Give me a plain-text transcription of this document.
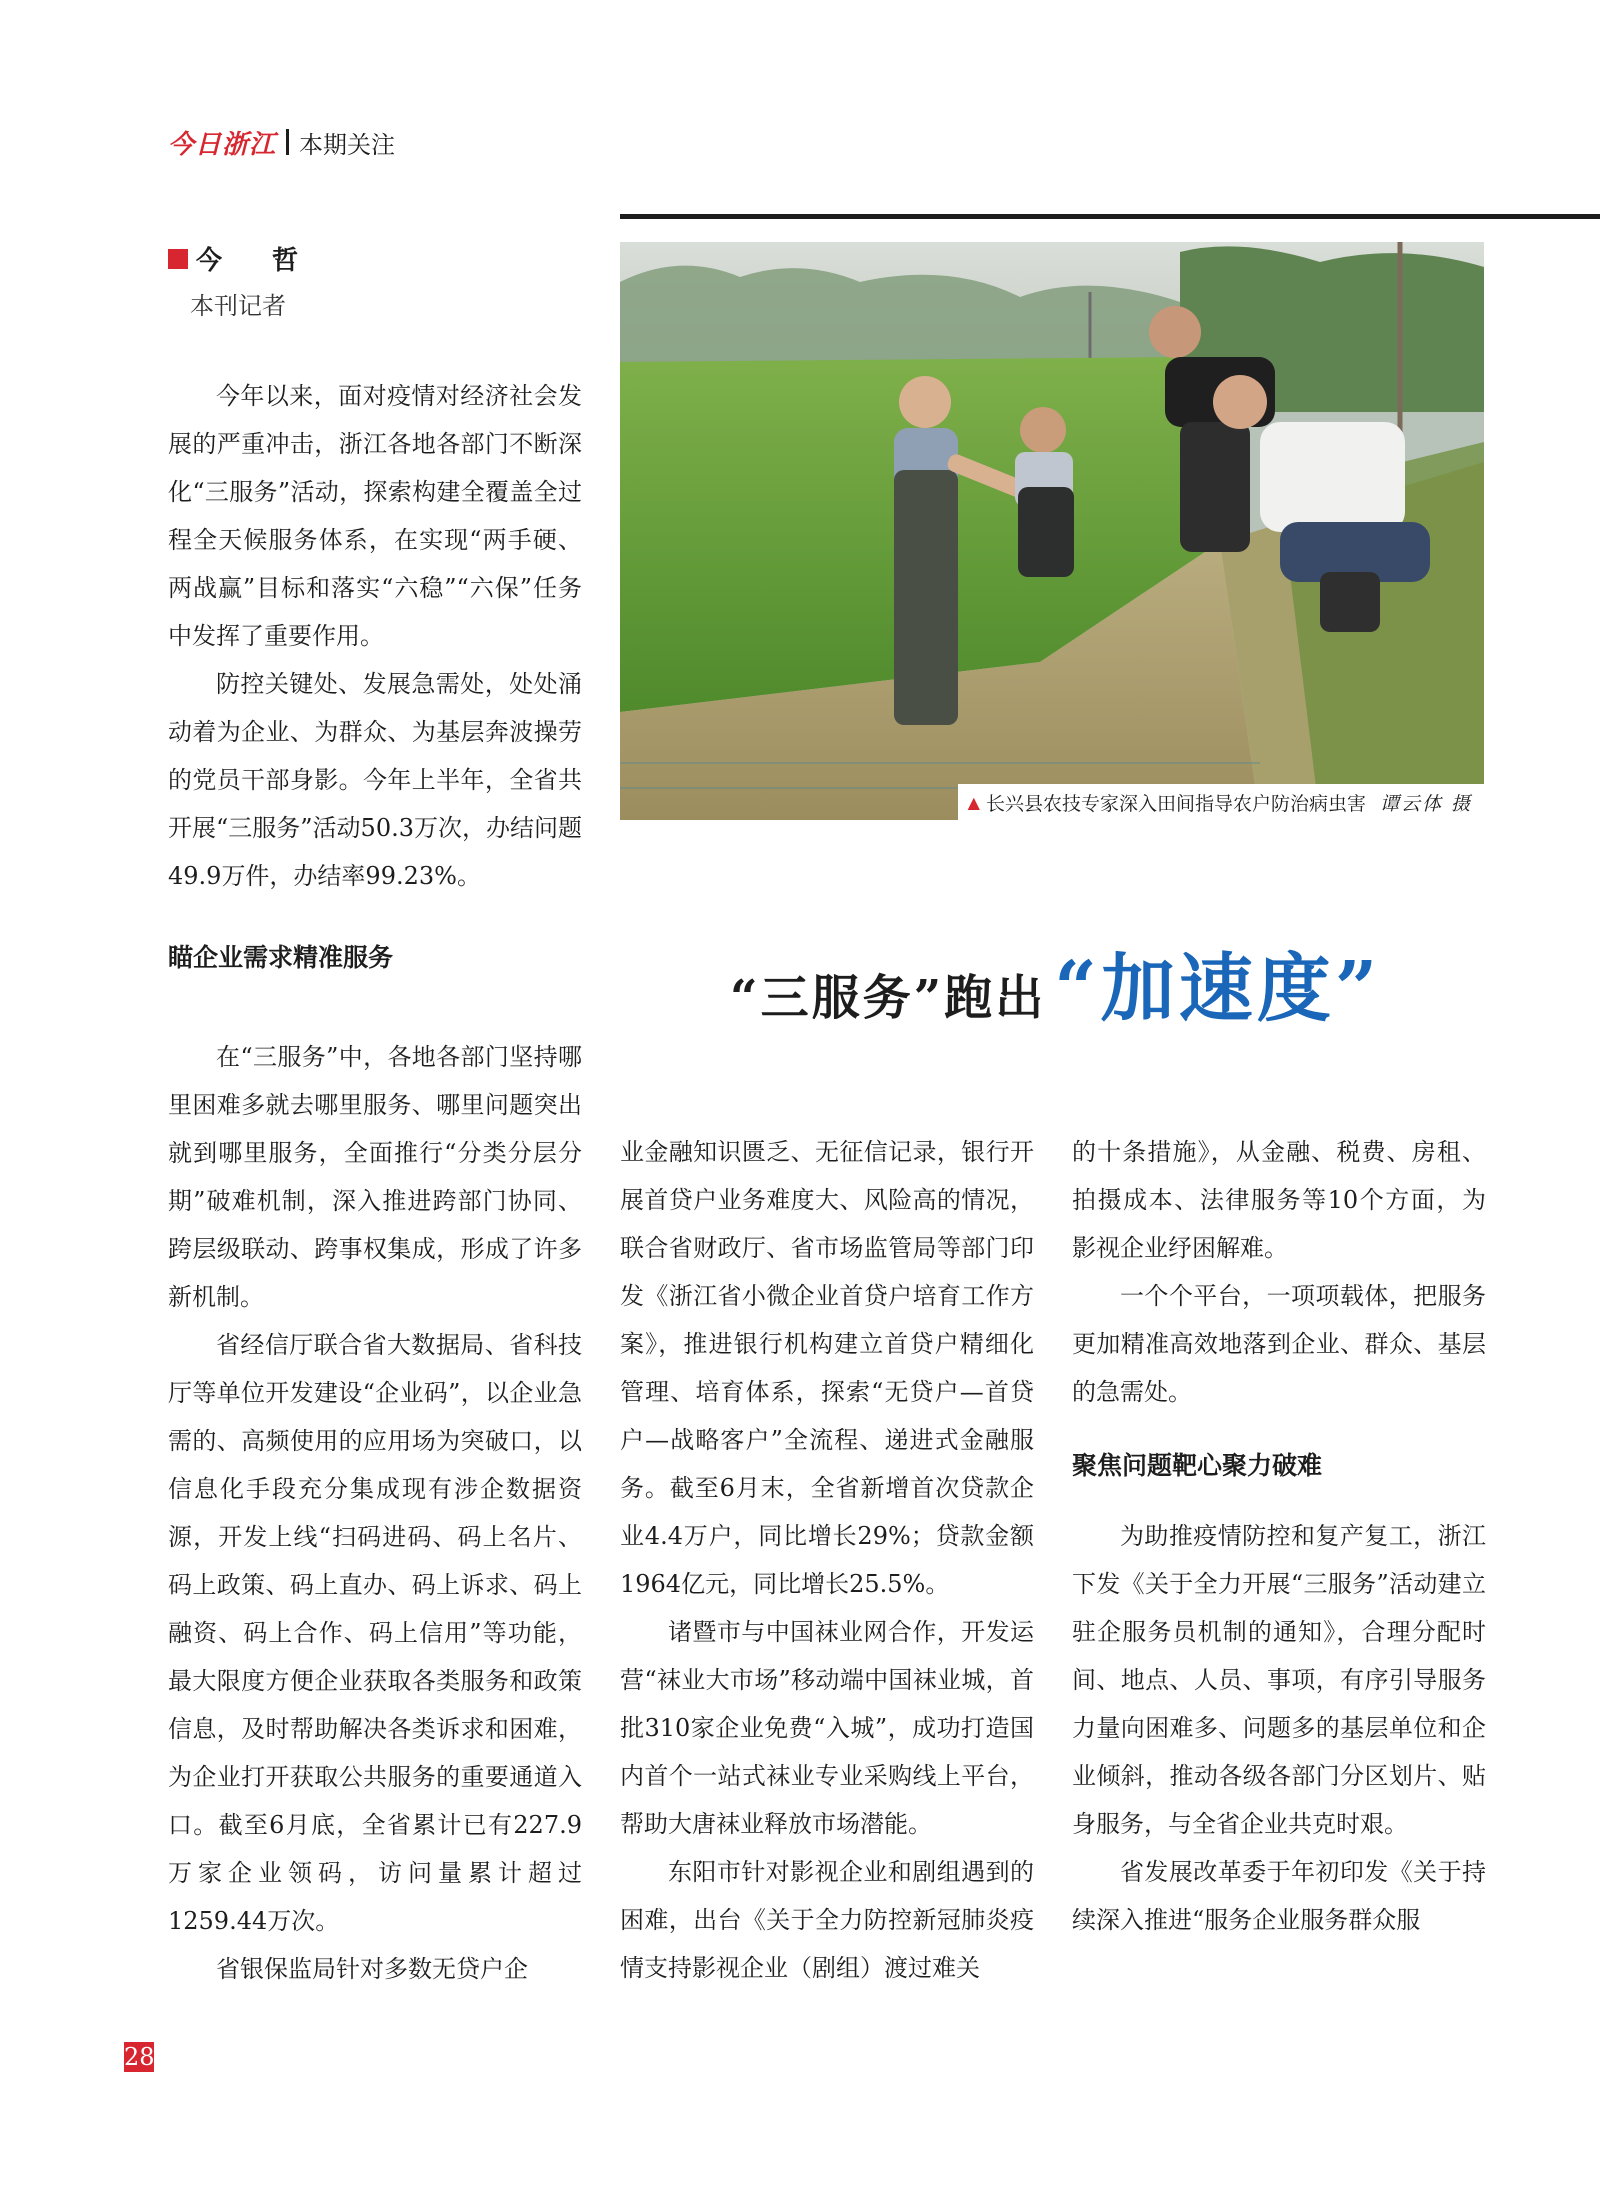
今日浙江 本期关注
今　哲
本刊记者

今年以来，面对疫情对经济社会发展的严重冲击，浙江各地各部门不断深化“三服务”活动，探索构建全覆盖全过程全天候服务体系，在实现“两手硬、两战赢”目标和落实“六稳”“六保”任务中发挥了重要作用。

防控关键处、发展急需处，处处涌动着为企业、为群众、为基层奔波操劳的党员干部身影。今年上半年，全省共开展“三服务”活动50.3万次，办结问题49.9万件，办结率99.23%。

瞄企业需求精准服务

在“三服务”中，各地各部门坚持哪里困难多就去哪里服务、哪里问题突出就到哪里服务，全面推行“分类分层分期”破难机制，深入推进跨部门协同、跨层级联动、跨事权集成，形成了许多新机制。

省经信厅联合省大数据局、省科技厅等单位开发建设“企业码”，以企业急需的、高频使用的应用场为突破口，以信息化手段充分集成现有涉企数据资源，开发上线“扫码进码、码上名片、码上政策、码上直办、码上诉求、码上融资、码上合作、码上信用”等功能，最大限度方便企业获取各类服务和政策信息，及时帮助解决各类诉求和困难，为企业打开获取公共服务的重要通道入口。截至6月底，全省累计已有227.9万家企业领码，访问量累计超过1259.44万次。

省银保监局针对多数无贷户企

▲ 长兴县农技专家深入田间指导农户防治病虫害 谭云体 摄
“三服务”跑出 “加速度”

业金融知识匮乏、无征信记录，银行开展首贷户业务难度大、风险高的情况，联合省财政厅、省市场监管局等部门印发《浙江省小微企业首贷户培育工作方案》，推进银行机构建立首贷户精细化管理、培育体系，探索“无贷户—首贷户—战略客户”全流程、递进式金融服务。截至6月末，全省新增首次贷款企业4.4万户，同比增长29%；贷款金额1964亿元，同比增长25.5%。

诸暨市与中国袜业网合作，开发运营“袜业大市场”移动端中国袜业城，首批310家企业免费“入城”，成功打造国内首个一站式袜业专业采购线上平台，帮助大唐袜业释放市场潜能。

东阳市针对影视企业和剧组遇到的困难，出台《关于全力防控新冠肺炎疫情支持影视企业（剧组）渡过难关

的十条措施》，从金融、税费、房租、拍摄成本、法律服务等10个方面，为影视企业纾困解难。

一个个平台，一项项载体，把服务更加精准高效地落到企业、群众、基层的急需处。

聚焦问题靶心聚力破难

为助推疫情防控和复产复工，浙江下发《关于全力开展“三服务”活动建立驻企服务员机制的通知》，合理分配时间、地点、人员、事项，有序引导服务力量向困难多、问题多的基层单位和企业倾斜，推动各级各部门分区划片、贴身服务，与全省企业共克时艰。

省发展改革委于年初印发《关于持续深入推进“服务企业服务群众服

28
